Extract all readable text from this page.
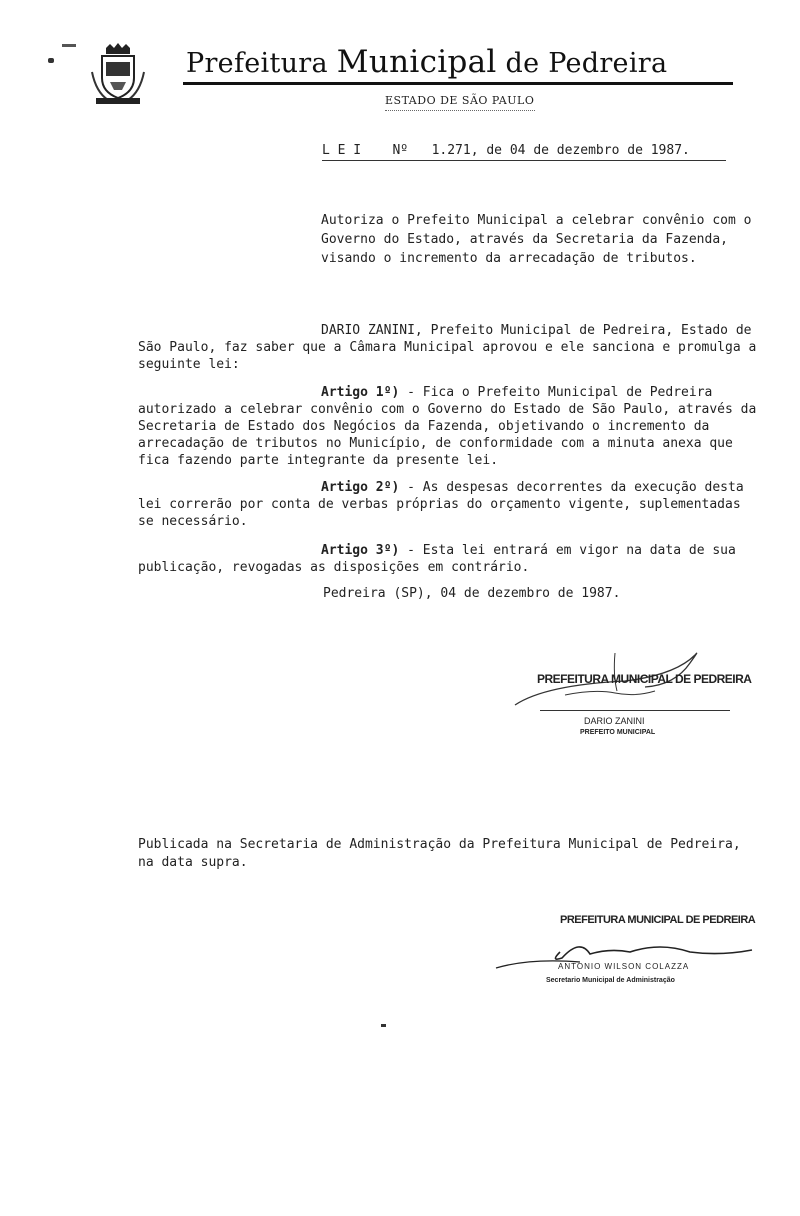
Prefeitura Municipal de Pedreira
ESTADO DE SÃO PAULO
L E I    Nº   1.271, de 04 de dezembro de 1987.
Autoriza o Prefeito Municipal a celebrar convênio com o Governo do Estado, através da Secretaria da Fazenda, visando o incremento da arrecadação de tributos.
DARIO ZANINI, Prefeito Municipal de Pedreira, Estado de São Paulo, faz saber que a Câmara Municipal aprovou e ele sanciona e promulga a seguinte lei:
Artigo 1º) - Fica o Prefeito Municipal de Pedreira autorizado a celebrar convênio com o Governo do Estado de São Paulo, através da Secretaria de Estado dos Negócios da Fazenda, objetivando o incremento da arrecadação de tributos no Município, de conformidade com a minuta anexa que fica fazendo parte integrante da presente lei.
Artigo 2º) - As despesas decorrentes da execução desta lei correrão por conta de verbas próprias do orçamento vigente, suplementadas se necessário.
Artigo 3º) - Esta lei entrará em vigor na data de sua publicação, revogadas as disposições em contrário.
Pedreira (SP), 04 de dezembro de 1987.
PREFEITURA MUNICIPAL DE PEDREIRA
DARIO ZANINI
PREFEITO MUNICIPAL
Publicada na Secretaria de Administração da Prefeitura Municipal de Pedreira, na data supra.
PREFEITURA MUNICIPAL DE PEDREIRA
ANTONIO WILSON COLAZZA
Secretario Municipal de Administração
